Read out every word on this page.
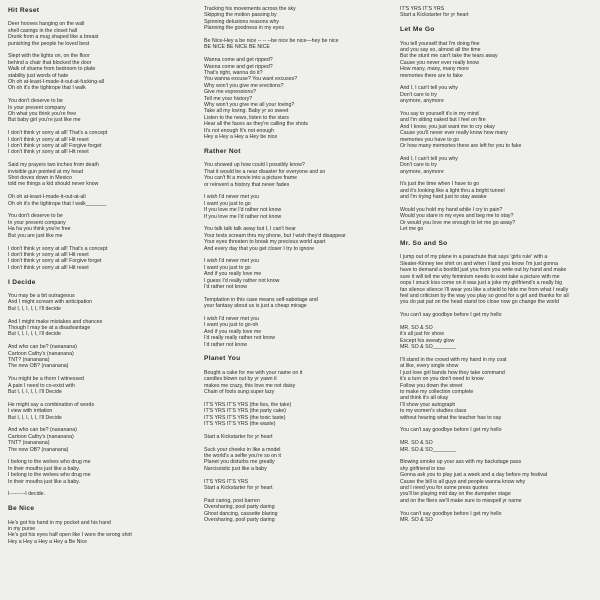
Hit Reset
Deer hooves hanging on the wall
shell casings in the closet hall
Drunk from a mug shaped like a breast
punishing the people he loved best
Slept with the lights on, on the floor
behind a chair that blocked the door
Walk of shame from bedroom to plate
stability just words of hate
Oh oh at-least-I-made-it-out-at-fucking-all
Oh oh it's the tightrope that I walk
You don't deserve to be
In your present company
Oh what you think you're free
But baby girl you're just like me
I don't think yr sorry at all! That's a concept
I don't think yr sorry at all! Hit reset
I don't think yr sorry at all! Forgive forget
I don't think yr sorry at all! Hit reset
Said my prayers two inches from death
invisible gun pointed at my head
Shot doves down in Mexico
told me things a kid should never know
Oh oh at-least-I-made-it-out-at-all
Oh oh it's the tightrope that I walk_______
You don't deserve to be
In your present company
Ha ha you think you're free
But you are just like me
I don't think yr sorry at all! That's a concept
I don't think yr sorry at all! Hit reset
I don't think yr sorry at all! Forgive forget
I don't think yr sorry at all! Hit reset
I Decide
You may be a bit outrageous
And I might scream with anticipation
But I, I, I, I, I, I'll decide
And I might make mistakes and chances
Though I may be at a disadvantage
But I, I, I, I, I, I'll decide
And who can be? (nananana)
Cartoon Cathy's (nananana)
TNT? (nananana)
The new OB? (nananana)
You might be a thorn I witnessed
A pain I need to co-exist with
But I, I, I, I, I, I'll Decide
He might say a combination of words
I view with irritation
But I, I, I, I, I, I'll Decide
And who can be? (nananana)
Cartoon Cathy's (nananana)
TNT? (nananana)
The new OB? (nananana)
I belong to the wolves who drug me
In their mouths just like a baby.
I belong to the wolves who drug me
In their mouths just like a baby.
I---------I decide.
Be Nice
He's got his hand in my pocket and his hand
in my purse
He's got his eyes half open like I wore the wrong shirt
Hey a Hey a Hey a Hey a Be Nice
Tracking his movements across the sky
Skipping the motion passing by
Spinning delusions reasons why
Planning the goodness in my eyes
Be Nice-Hey a be nice -- -- --be nice be nice—hey be nice
BE NICE BE NICE BE NICE
Wanna come and get ripped?
Wanna come and get ripped?
That's right, wanna do it?
You wanna excuse? You want excuses?
Why won't you give me erections?
Give me expressions?
Tell me your history?
Why won't you give me all your loving?
Take all my loving. Baby yr so sweet
Listen to the news, listen to the stars
Hear all the faces as they're calling the shots
It's not enough It's not enough
Hey a Hey a Hey a Hey be nice
Rather Not
You showed up how could I possibly know?
That it would be a near disaster for everyone and so
You can't fit a movie into a picture frame
or reinvent a history that never fades
I wish I'd never met you
I want you just to go
If you love me I'd rather not know
If you love me I'd rather not know
You talk talk talk away but I, I can't hear
Your texts scream thru my phone, but I wish they'd disappear
Your eyes threaten to break my precious world apart
And every day that you get closer I try to ignore
I wish I'd never met you
I want you just to go
And if you really love me
I guess I'd really rather not know
I'd rather not know
Temptation in this case means self-sabotage and
your fantasy about us is just a cheap mirage
I wish I'd never met you
I want you just to go-oh
And if you really love me
I'd really really rather not know
I'd rather not know
Planet You
Bought a cake for me with your name on it
candles blown out by yr yawn it
makes me crazy, this love me not daisy
Chain of fools sung super lazy
IT'S YRS IT'S YRS (the lies, the take)
IT'S YRS IT'S YRS (the party cake)
IT'S YRS IT'S YRS (the toxic taste)
IT'S YRS IT'S YRS (the waste)
Start a Kickstarter for yr heart
Suck your cheeks in like a model
the world's a selfie you're so on it
Planet you disturbs me greatly
Narcissistic just like a baby
IT'S YRS IT'S YRS
Start a Kickstarter for yr heart
Past caring, post barren
Oversharing, pool party daring
Ghost dancing, cassette blaring
Oversharing, pool party daring
IT'S YRS IT'S YRS
Start a Kickstarter for yr heart
Let Me Go
You tell yourself that I'm doing fine
and you say so, almost all the time
But the stunt me can't take the tears away
Cause you never ever really know
How many, many, many more
memories there are to fake
And I, I can't tell you why
Don't care to try
anymore, anymore
You say to yourself it's in my mind
and I'm sitting naked but I feel on fire
And I know, you just want me to cry okay
Cause you'll never ever really know how many
memories you have to go
Or how many memories there are left for you to fake
And I, I can't tell you why
Don't care to try
anymore, anymore
It's just the time when I have to go
and it's looking like a light thru a bright tunnel
and I'm trying hard just to stay awake
Would you hold my hand while I cry in pain?
Would you stare in my eyes and beg me to stay?
Or would you love me enough to let me go away?
Let me go
Mr. So and So
I jump out of my plane in a parachute that says 'girls rule' with a
Sleater-Kinney tee shirt on and when I land you know I'm just gonna
have to demand a bootlid just you from you write out by hand and make
sure it will tell me why feminism needs to exist take a picture with me
oops I snuck kiss come on it was just a joke my girlfriend's a really big
fan silence silence I'll wear you like a shield to hide me from what I really
feel and criticism by the way you play so good for a girl and thanks for all
you do pat pat on the head stand too close now go change the world
You can't say goodbye before I get my hello
MR. SO & SO
it's all just for show
Except his sweaty glow
MR. SO & SO________
I'll stand in the crowd with my hand in my coat
at like, every single show
I just love girl bands how they take command
it's a turn on you don't need to know
Follow you down the street
to make my collection complete
and think it's all okay
I'll show your autograph
to my women's studies class
without hearing what the teacher has to say
You can't say goodbye before I get my hello
MR. SO & SO
MR. SO & SO________
Blowing smoke up your ass with my backstage pass
shy girlfriend in tow
Gonna ask you to play just a week and a day before my festival
Cause the bill is all guys and people wanna know why
and I need you for some press quotes
you'll be playing mid day on the dumpster stage
and on the fliers we'll make sure to misspell yr name
You can't say goodbye before I get my hello
MR. SO & SO
